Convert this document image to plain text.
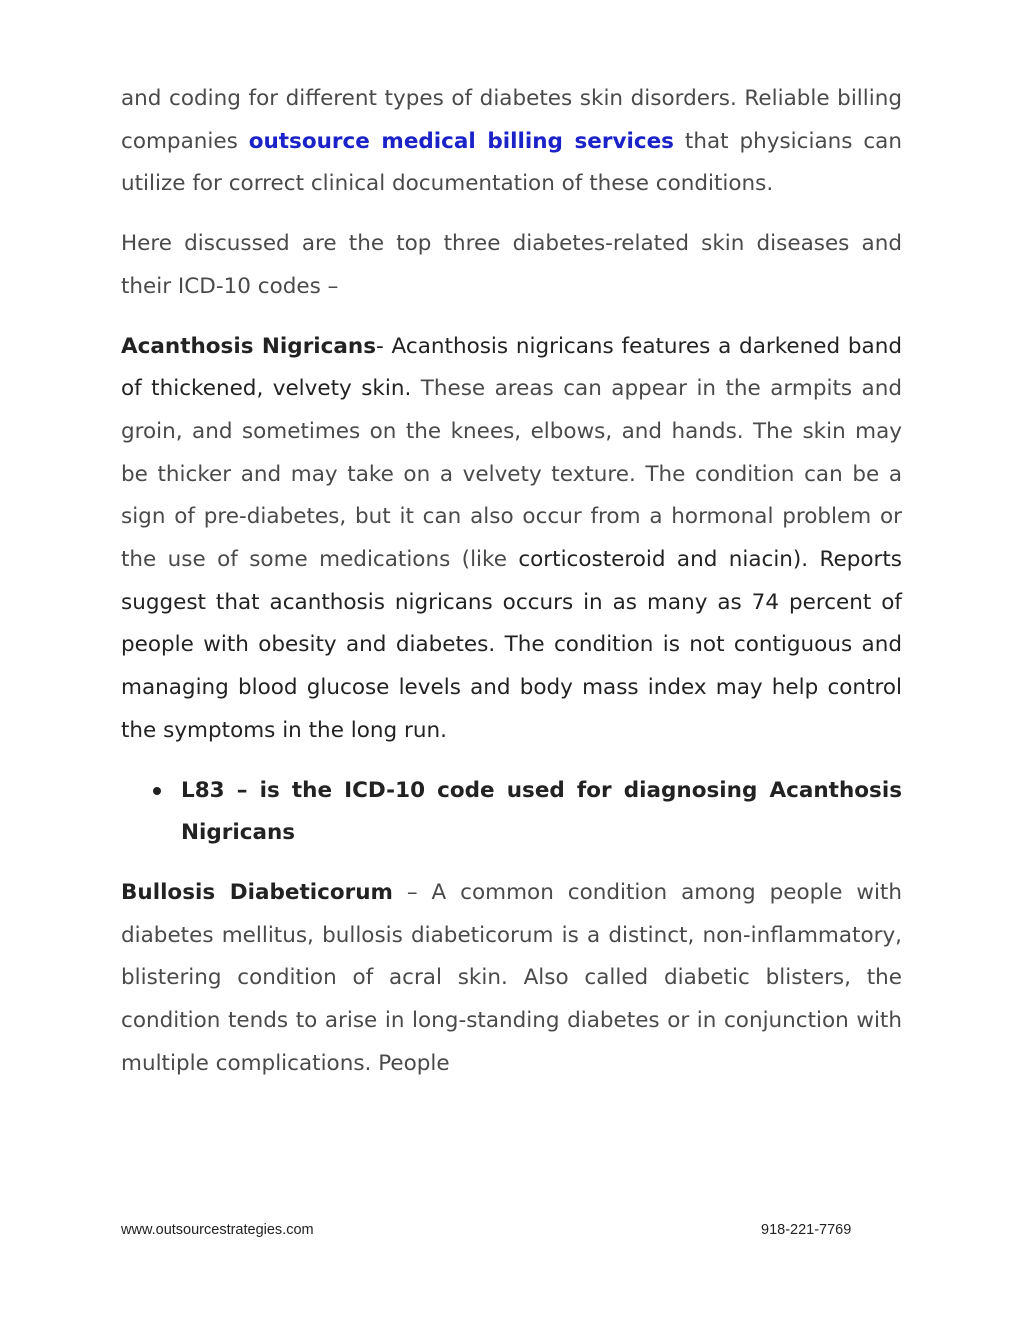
and coding for different types of diabetes skin disorders. Reliable billing companies outsource medical billing services that physicians can utilize for correct clinical documentation of these conditions.

Here discussed are the top three diabetes-related skin diseases and their ICD-10 codes –

Acanthosis Nigricans- Acanthosis nigricans features a darkened band of thickened, velvety skin. These areas can appear in the armpits and groin, and sometimes on the knees, elbows, and hands. The skin may be thicker and may take on a velvety texture. The condition can be a sign of pre-diabetes, but it can also occur from a hormonal problem or the use of some medications (like corticosteroid and niacin). Reports suggest that acanthosis nigricans occurs in as many as 74 percent of people with obesity and diabetes. The condition is not contiguous and managing blood glucose levels and body mass index may help control the symptoms in the long run.

L83 – is the ICD-10 code used for diagnosing Acanthosis Nigricans

Bullosis Diabeticorum – A common condition among people with diabetes mellitus, bullosis diabeticorum is a distinct, non-inflammatory, blistering condition of acral skin. Also called diabetic blisters, the condition tends to arise in long-standing diabetes or in conjunction with multiple complications. People

www.outsourcestrategies.com	918-221-7769
